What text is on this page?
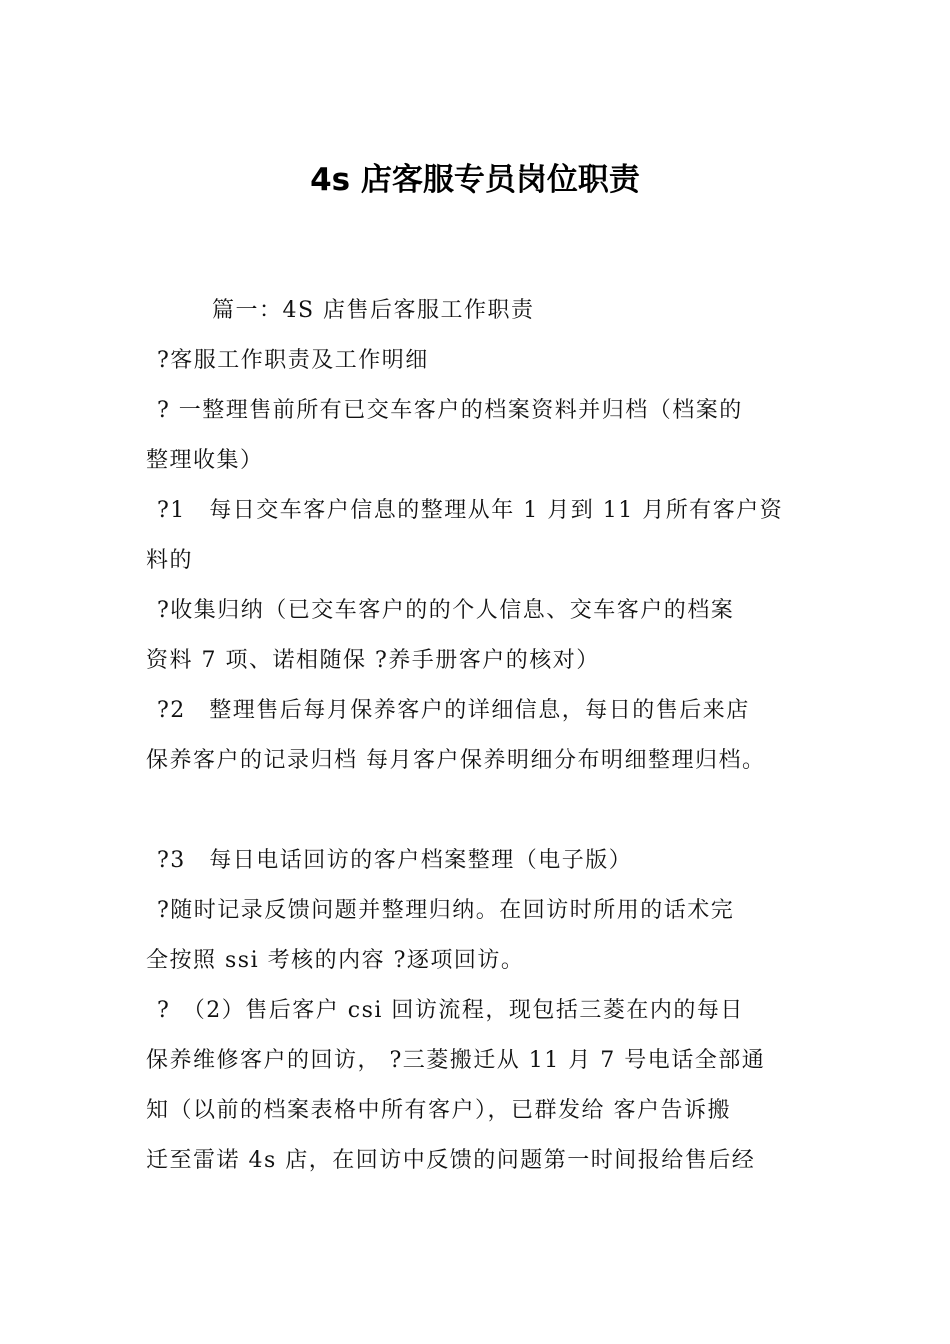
4s 店客服专员岗位职责
篇一：4S 店售后客服工作职责
?客服工作职责及工作明细
? 一整理售前所有已交车客户的档案资料并归档（档案的
整理收集）
?1　每日交车客户信息的整理从年 1 月到 11 月所有客户资
料的
?收集归纳（已交车客户的的个人信息、交车客户的档案
资料 7 项、诺相随保 ?养手册客户的核对）
?2　整理售后每月保养客户的详细信息，每日的售后来店
保养客户的记录归档 每月客户保养明细分布明细整理归档。
?3　每日电话回访的客户档案整理（电子版）
?随时记录反馈问题并整理归纳。在回访时所用的话术完
全按照 ssi 考核的内容 ?逐项回访。
?　（2）售后客户 csi 回访流程，现包括三菱在内的每日
保养维修客户的回访， ?三菱搬迁从 11 月 7 号电话全部通
知（以前的档案表格中所有客户），已群发给 客户告诉搬
迁至雷诺 4s 店，在回访中反馈的问题第一时间报给售后经
